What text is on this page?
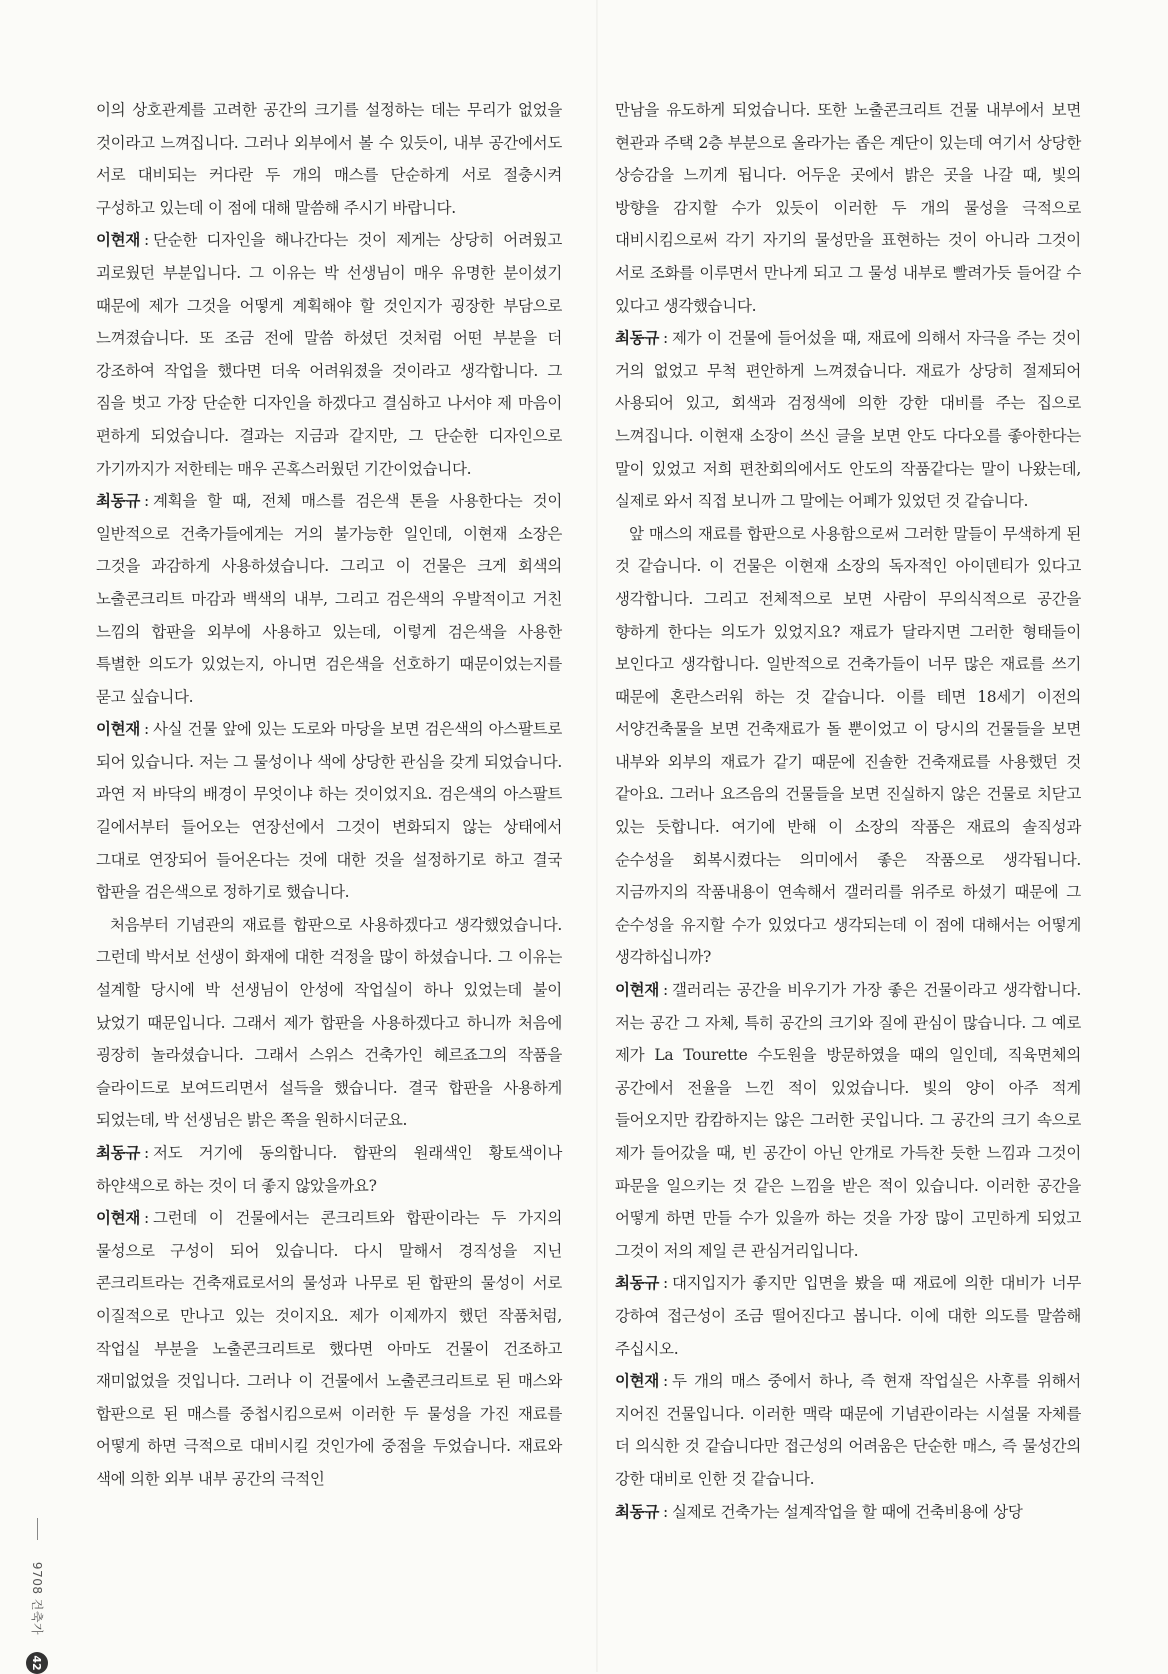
이의 상호관계를 고려한 공간의 크기를 설정하는 데는 무리가 없었을 것이라고 느껴집니다. 그러나 외부에서 볼 수 있듯이, 내부 공간에서도 서로 대비되는 커다란 두 개의 매스를 단순하게 서로 절충시켜 구성하고 있는데 이 점에 대해 말씀해 주시기 바랍니다.

이현재 : 단순한 디자인을 해나간다는 것이 제게는 상당히 어려웠고 괴로웠던 부분입니다. 그 이유는 박 선생님이 매우 유명한 분이셨기 때문에 제가 그것을 어떻게 계획해야 할 것인지가 굉장한 부담으로 느껴졌습니다. 또 조금 전에 말씀 하셨던 것처럼 어떤 부분을 더 강조하여 작업을 했다면 더욱 어려워졌을 것이라고 생각합니다. 그 짐을 벗고 가장 단순한 디자인을 하겠다고 결심하고 나서야 제 마음이 편하게 되었습니다. 결과는 지금과 같지만, 그 단순한 디자인으로 가기까지가 저한테는 매우 곤혹스러웠던 기간이었습니다.

최동규 : 계획을 할 때, 전체 매스를 검은색 톤을 사용한다는 것이 일반적으로 건축가들에게는 거의 불가능한 일인데, 이현재 소장은 그것을 과감하게 사용하셨습니다. 그리고 이 건물은 크게 회색의 노출콘크리트 마감과 백색의 내부, 그리고 검은색의 우발적이고 거친 느낌의 합판을 외부에 사용하고 있는데, 이렇게 검은색을 사용한 특별한 의도가 있었는지, 아니면 검은색을 선호하기 때문이었는지를 묻고 싶습니다.

이현재 : 사실 건물 앞에 있는 도로와 마당을 보면 검은색의 아스팔트로 되어 있습니다. 저는 그 물성이나 색에 상당한 관심을 갖게 되었습니다. 과연 저 바닥의 배경이 무엇이냐 하는 것이었지요. 검은색의 아스팔트 길에서부터 들어오는 연장선에서 그것이 변화되지 않는 상태에서 그대로 연장되어 들어온다는 것에 대한 것을 설정하기로 하고 결국 합판을 검은색으로 정하기로 했습니다.

처음부터 기념관의 재료를 합판으로 사용하겠다고 생각했었습니다. 그런데 박서보 선생이 화재에 대한 걱정을 많이 하셨습니다. 그 이유는 설계할 당시에 박 선생님이 안성에 작업실이 하나 있었는데 불이 났었기 때문입니다. 그래서 제가 합판을 사용하겠다고 하니까 처음에 굉장히 놀라셨습니다. 그래서 스위스 건축가인 헤르죠그의 작품을 슬라이드로 보여드리면서 설득을 했습니다. 결국 합판을 사용하게 되었는데, 박 선생님은 밝은 쪽을 원하시더군요.

최동규 : 저도 거기에 동의합니다. 합판의 원래색인 황토색이나 하얀색으로 하는 것이 더 좋지 않았을까요?

이현재 : 그런데 이 건물에서는 콘크리트와 합판이라는 두 가지의 물성으로 구성이 되어 있습니다. 다시 말해서 경직성을 지닌 콘크리트라는 건축재료로서의 물성과 나무로 된 합판의 물성이 서로 이질적으로 만나고 있는 것이지요. 제가 이제까지 했던 작품처럼, 작업실 부분을 노출콘크리트로 했다면 아마도 건물이 건조하고 재미없었을 것입니다. 그러나 이 건물에서 노출콘크리트로 된 매스와 합판으로 된 매스를 중첩시킴으로써 이러한 두 물성을 가진 재료를 어떻게 하면 극적으로 대비시킬 것인가에 중점을 두었습니다. 재료와 색에 의한 외부 내부 공간의 극적인

만남을 유도하게 되었습니다. 또한 노출콘크리트 건물 내부에서 보면 현관과 주택 2층 부분으로 올라가는 좁은 계단이 있는데 여기서 상당한 상승감을 느끼게 됩니다. 어두운 곳에서 밝은 곳을 나갈 때, 빛의 방향을 감지할 수가 있듯이 이러한 두 개의 물성을 극적으로 대비시킴으로써 각기 자기의 물성만을 표현하는 것이 아니라 그것이 서로 조화를 이루면서 만나게 되고 그 물성 내부로 빨려가듯 들어갈 수 있다고 생각했습니다.

최동규 : 제가 이 건물에 들어섰을 때, 재료에 의해서 자극을 주는 것이 거의 없었고 무척 편안하게 느껴졌습니다. 재료가 상당히 절제되어 사용되어 있고, 회색과 검정색에 의한 강한 대비를 주는 집으로 느껴집니다. 이현재 소장이 쓰신 글을 보면 안도 다다오를 좋아한다는 말이 있었고 저희 편찬회의에서도 안도의 작품같다는 말이 나왔는데, 실제로 와서 직접 보니까 그 말에는 어폐가 있었던 것 같습니다.

앞 매스의 재료를 합판으로 사용함으로써 그러한 말들이 무색하게 된 것 같습니다. 이 건물은 이현재 소장의 독자적인 아이덴티가 있다고 생각합니다. 그리고 전체적으로 보면 사람이 무의식적으로 공간을 향하게 한다는 의도가 있었지요? 재료가 달라지면 그러한 형태들이 보인다고 생각합니다. 일반적으로 건축가들이 너무 많은 재료를 쓰기 때문에 혼란스러워 하는 것 같습니다. 이를 테면 18세기 이전의 서양건축물을 보면 건축재료가 돌 뿐이었고 이 당시의 건물들을 보면 내부와 외부의 재료가 같기 때문에 진솔한 건축재료를 사용했던 것 같아요. 그러나 요즈음의 건물들을 보면 진실하지 않은 건물로 치닫고 있는 듯합니다. 여기에 반해 이 소장의 작품은 재료의 솔직성과 순수성을 회복시켰다는 의미에서 좋은 작품으로 생각됩니다. 지금까지의 작품내용이 연속해서 갤러리를 위주로 하셨기 때문에 그 순수성을 유지할 수가 있었다고 생각되는데 이 점에 대해서는 어떻게 생각하십니까?

이현재 : 갤러리는 공간을 비우기가 가장 좋은 건물이라고 생각합니다. 저는 공간 그 자체, 특히 공간의 크기와 질에 관심이 많습니다. 그 예로 제가 La Tourette 수도원을 방문하였을 때의 일인데, 직육면체의 공간에서 전율을 느낀 적이 있었습니다. 빛의 양이 아주 적게 들어오지만 캄캄하지는 않은 그러한 곳입니다. 그 공간의 크기 속으로 제가 들어갔을 때, 빈 공간이 아닌 안개로 가득찬 듯한 느낌과 그것이 파문을 일으키는 것 같은 느낌을 받은 적이 있습니다. 이러한 공간을 어떻게 하면 만들 수가 있을까 하는 것을 가장 많이 고민하게 되었고 그것이 저의 제일 큰 관심거리입니다.

최동규 : 대지입지가 좋지만 입면을 봤을 때 재료에 의한 대비가 너무 강하여 접근성이 조금 떨어진다고 봅니다. 이에 대한 의도를 말씀해 주십시오.

이현재 : 두 개의 매스 중에서 하나, 즉 현재 작업실은 사후를 위해서 지어진 건물입니다. 이러한 맥락 때문에 기념관이라는 시설물 자체를 더 의식한 것 같습니다만 접근성의 어려움은 단순한 매스, 즉 물성간의 강한 대비로 인한 것 같습니다.

최동규 : 실제로 건축가는 설계작업을 할 때에 건축비용에 상당

9708 건축가
42
